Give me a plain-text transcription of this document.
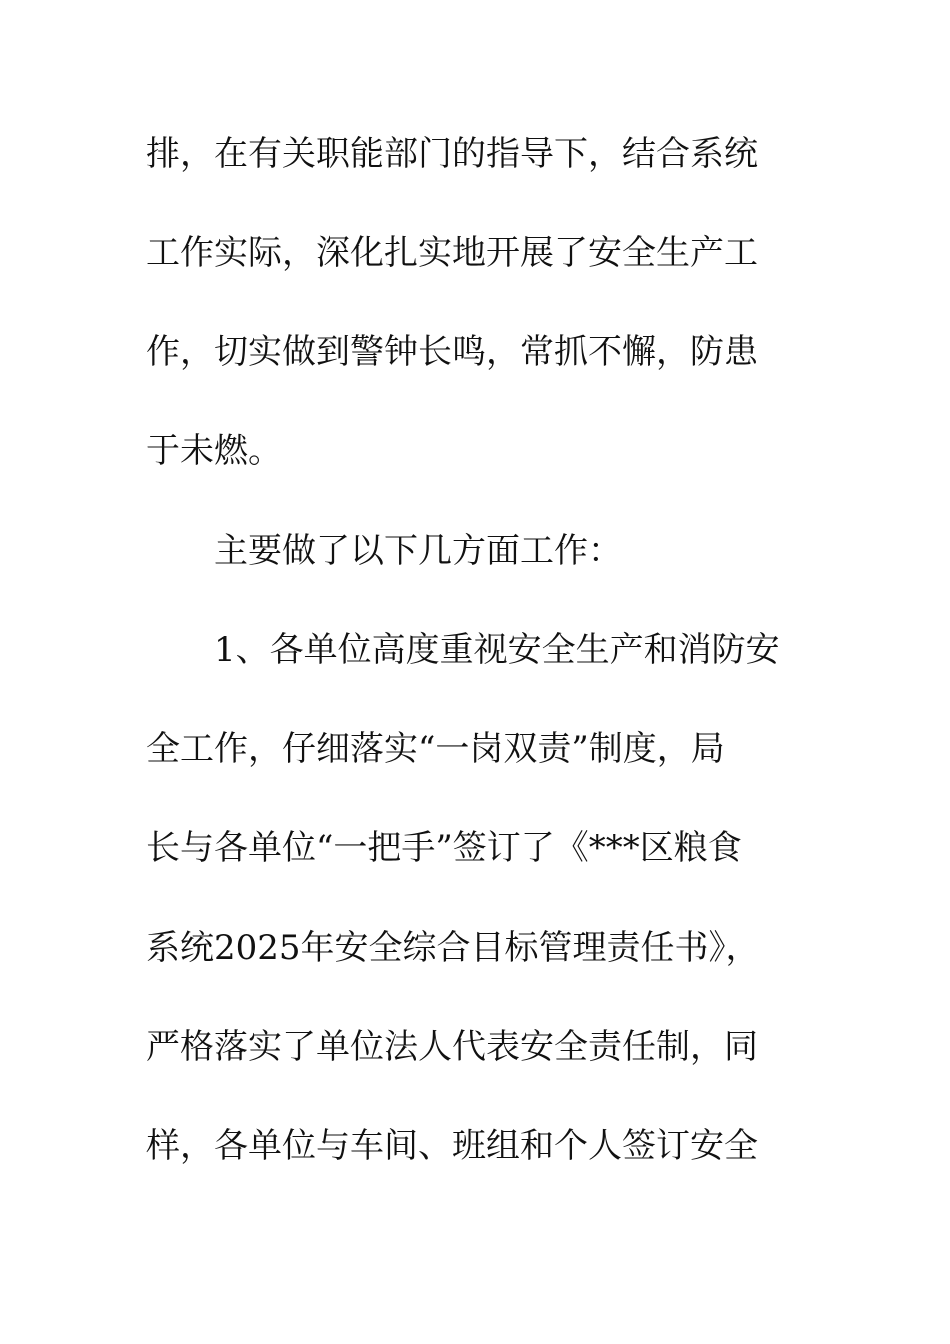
排，在有关职能部门的指导下，结合系统

工作实际，深化扎实地开展了安全生产工

作，切实做到警钟长鸣，常抓不懈，防患

于未燃。

主要做了以下几方面工作：

1、各单位高度重视安全生产和消防安

全工作，仔细落实“一岗双责”制度，局

长与各单位“一把手”签订了《***区粮食

系统2025年安全综合目标管理责任书》，

严格落实了单位法人代表安全责任制，同

样，各单位与车间、班组和个人签订安全
